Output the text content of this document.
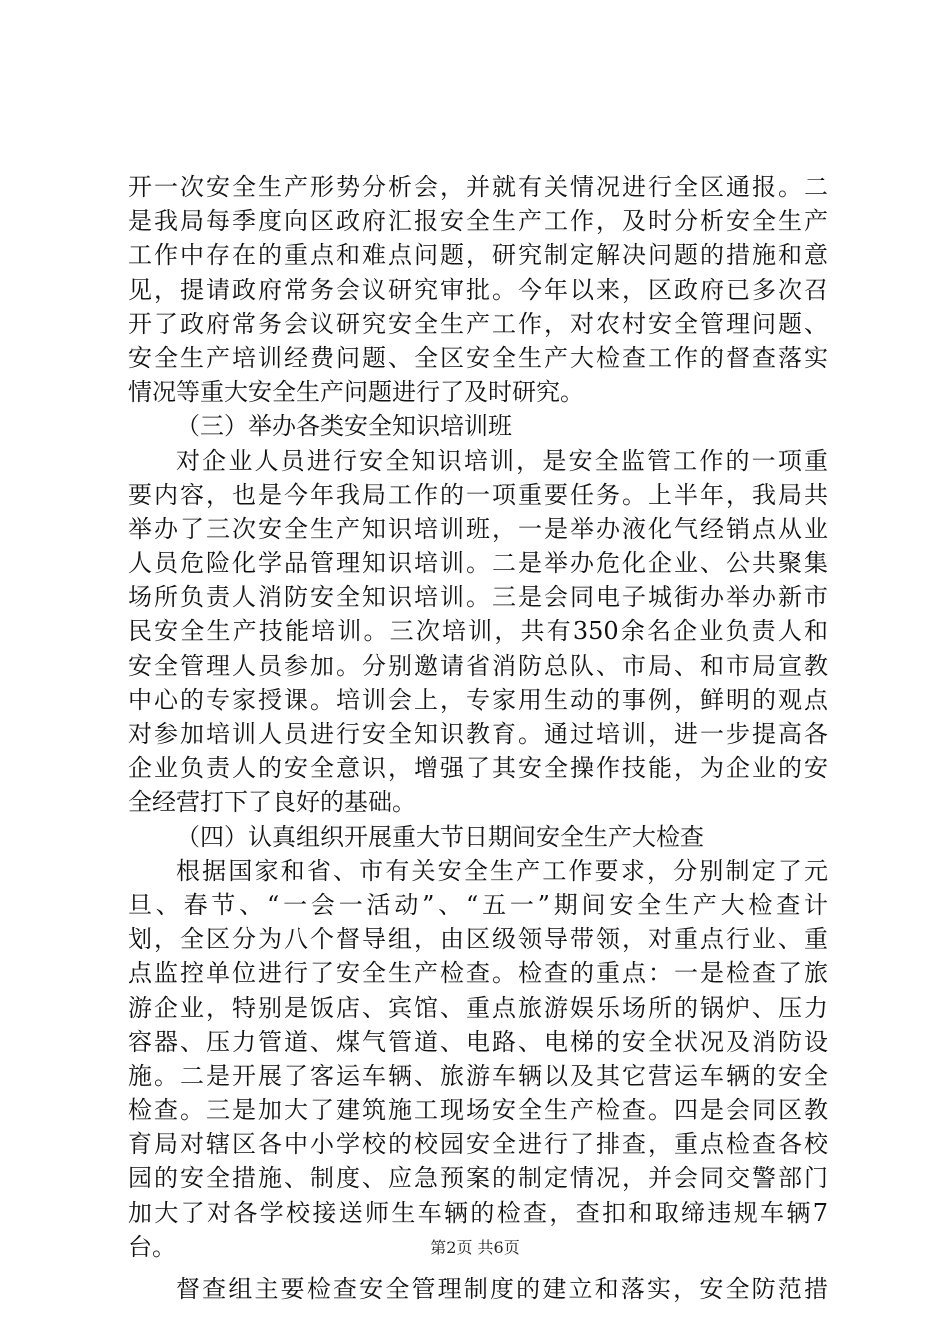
开一次安全生产形势分析会，并就有关情况进行全区通报。二
是我局每季度向区政府汇报安全生产工作，及时分析安全生产
工作中存在的重点和难点问题，研究制定解决问题的措施和意
见，提请政府常务会议研究审批。今年以来，区政府已多次召
开了政府常务会议研究安全生产工作，对农村安全管理问题、
安全生产培训经费问题、全区安全生产大检查工作的督查落实
情况等重大安全生产问题进行了及时研究。
（三）举办各类安全知识培训班
对企业人员进行安全知识培训，是安全监管工作的一项重
要内容，也是今年我局工作的一项重要任务。上半年，我局共
举办了三次安全生产知识培训班，一是举办液化气经销点从业
人员危险化学品管理知识培训。二是举办危化企业、公共聚集
场所负责人消防安全知识培训。三是会同电子城街办举办新市
民安全生产技能培训。三次培训，共有350余名企业负责人和
安全管理人员参加。分别邀请省消防总队、市局、和市局宣教
中心的专家授课。培训会上，专家用生动的事例，鲜明的观点
对参加培训人员进行安全知识教育。通过培训，进一步提高各
企业负责人的安全意识，增强了其安全操作技能，为企业的安
全经营打下了良好的基础。
（四）认真组织开展重大节日期间安全生产大检查
根据国家和省、市有关安全生产工作要求，分别制定了元
旦、春节、“一会一活动”、“五一”期间安全生产大检查计
划，全区分为八个督导组，由区级领导带领，对重点行业、重
点监控单位进行了安全生产检查。检查的重点：一是检查了旅
游企业，特别是饭店、宾馆、重点旅游娱乐场所的锅炉、压力
容器、压力管道、煤气管道、电路、电梯的安全状况及消防设
施。二是开展了客运车辆、旅游车辆以及其它营运车辆的安全
检查。三是加大了建筑施工现场安全生产检查。四是会同区教
育局对辖区各中小学校的校园安全进行了排查，重点检查各校
园的安全措施、制度、应急预案的制定情况，并会同交警部门
加大了对各学校接送师生车辆的检查，查扣和取缔违规车辆7
台。
督查组主要检查安全管理制度的建立和落实，安全防范措
第2页 共6页
